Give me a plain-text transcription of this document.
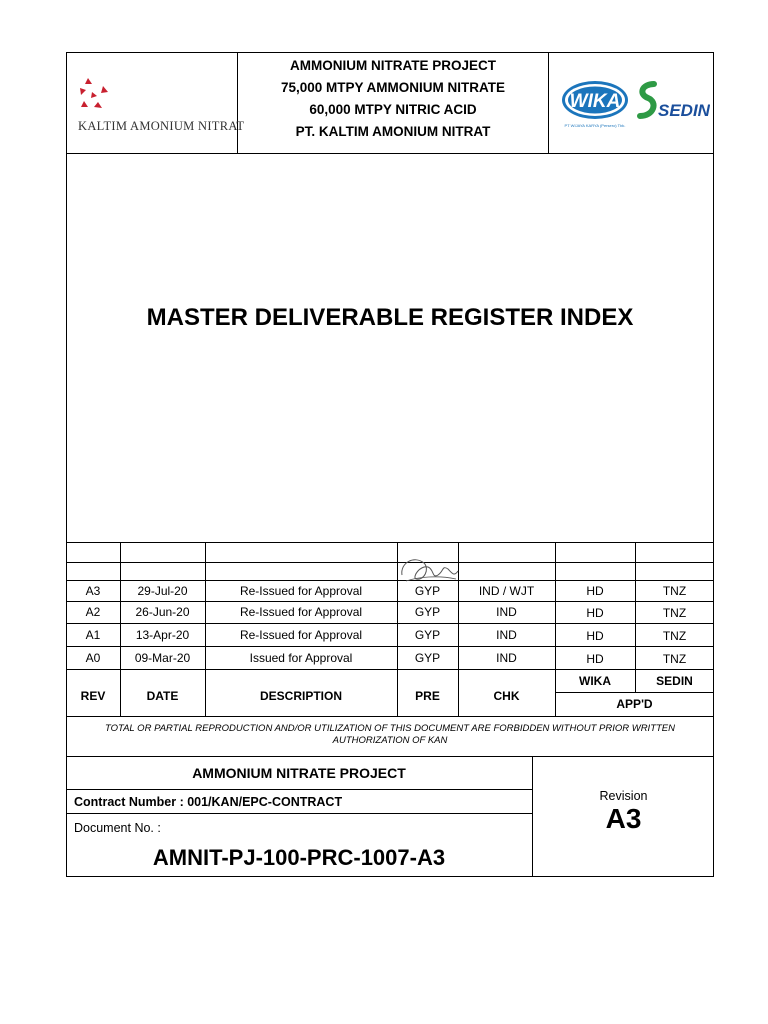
KALTIM AMONIUM NITRAT
AMMONIUM NITRATE PROJECT
75,000 MTPY AMMONIUM NITRATE
60,000 MTPY NITRIC ACID
PT. KALTIM AMONIUM NITRAT
WIKA
PT WIJAYA KARYA (Persero) Tbk.
SEDIN
MASTER DELIVERABLE REGISTER INDEX
A3	29-Jul-20	Re-Issued for Approval	GYP	IND / WJT	HD	TNZ
A2	26-Jun-20	Re-Issued for Approval	GYP	IND	HD	TNZ
A1	13-Apr-20	Re-Issued for Approval	GYP	IND	HD	TNZ
A0	09-Mar-20	Issued for Approval	GYP	IND	HD	TNZ
REV	DATE	DESCRIPTION	PRE	CHK
WIKA	SEDIN
APP'D
TOTAL OR PARTIAL REPRODUCTION AND/OR UTILIZATION OF THIS DOCUMENT ARE FORBIDDEN WITHOUT PRIOR WRITTEN AUTHORIZATION OF KAN
AMMONIUM NITRATE PROJECT
Contract Number : 001/KAN/EPC-CONTRACT
Document No. :
AMNIT-PJ-100-PRC-1007-A3
Revision
A3
